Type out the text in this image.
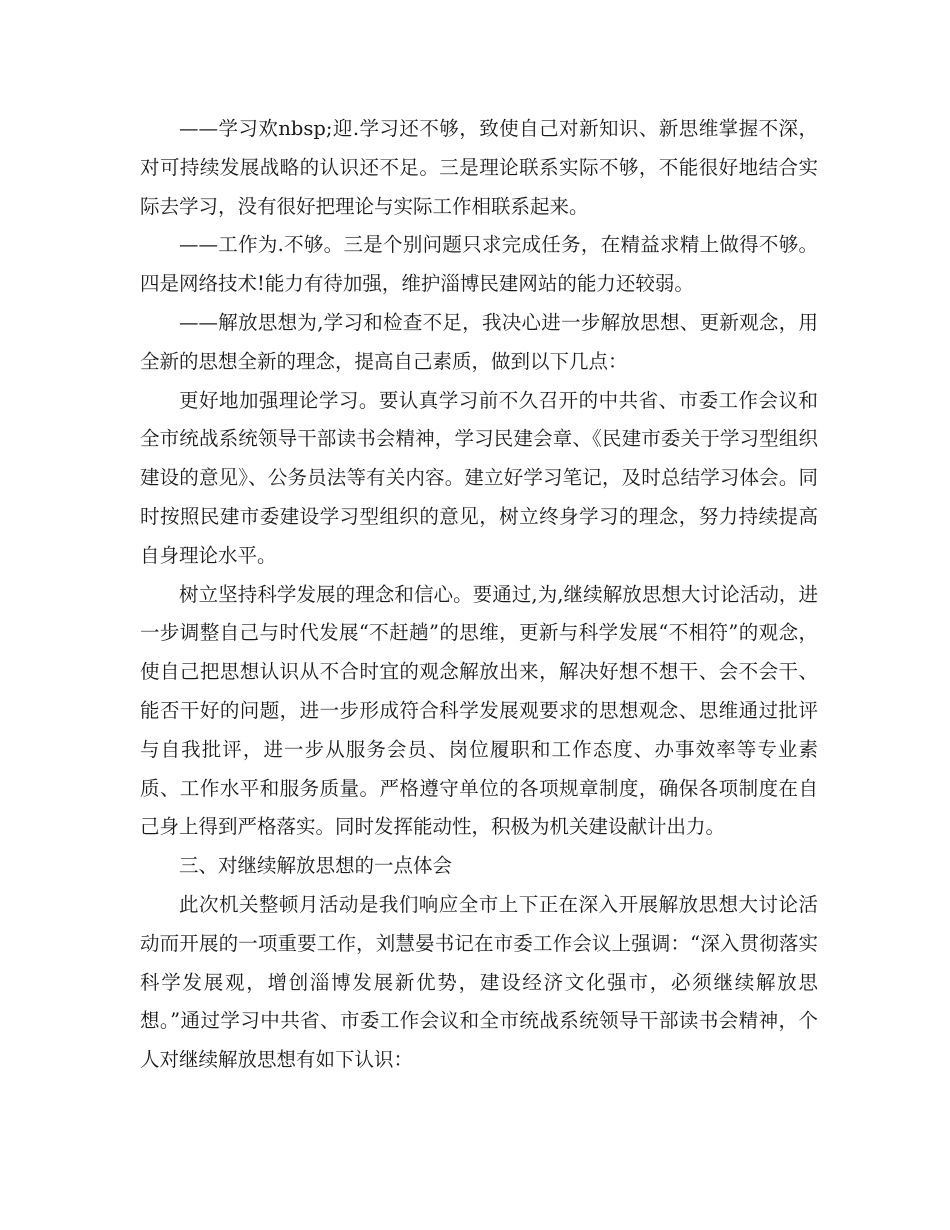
——学习欢nbsp;迎.学习还不够，致使自己对新知识、新思维掌握不深，对可持续发展战略的认识还不足。三是理论联系实际不够，不能很好地结合实际去学习，没有很好把理论与实际工作相联系起来。

——工作为.不够。三是个别问题只求完成任务，在精益求精上做得不够。四是网络技术!能力有待加强，维护淄博民建网站的能力还较弱。

——解放思想为,学习和检查不足，我决心进一步解放思想、更新观念，用全新的思想全新的理念，提高自己素质，做到以下几点：

更好地加强理论学习。要认真学习前不久召开的中共省、市委工作会议和全市统战系统领导干部读书会精神，学习民建会章、《民建市委关于学习型组织建设的意见》、公务员法等有关内容。建立好学习笔记，及时总结学习体会。同时按照民建市委建设学习型组织的意见，树立终身学习的理念，努力持续提高自身理论水平。

树立坚持科学发展的理念和信心。要通过,为,继续解放思想大讨论活动，进一步调整自己与时代发展“不赶趟”的思维，更新与科学发展“不相符”的观念，使自己把思想认识从不合时宜的观念解放出来，解决好想不想干、会不会干、能否干好的问题，进一步形成符合科学发展观要求的思想观念、思维通过批评与自我批评，进一步从服务会员、岗位履职和工作态度、办事效率等专业素质、工作水平和服务质量。严格遵守单位的各项规章制度，确保各项制度在自己身上得到严格落实。同时发挥能动性，积极为机关建设献计出力。

三、对继续解放思想的一点体会

此次机关整顿月活动是我们响应全市上下正在深入开展解放思想大讨论活动而开展的一项重要工作，刘慧晏书记在市委工作会议上强调：“深入贯彻落实科学发展观，增创淄博发展新优势，建设经济文化强市，必须继续解放思想。”通过学习中共省、市委工作会议和全市统战系统领导干部读书会精神，个人对继续解放思想有如下认识：
